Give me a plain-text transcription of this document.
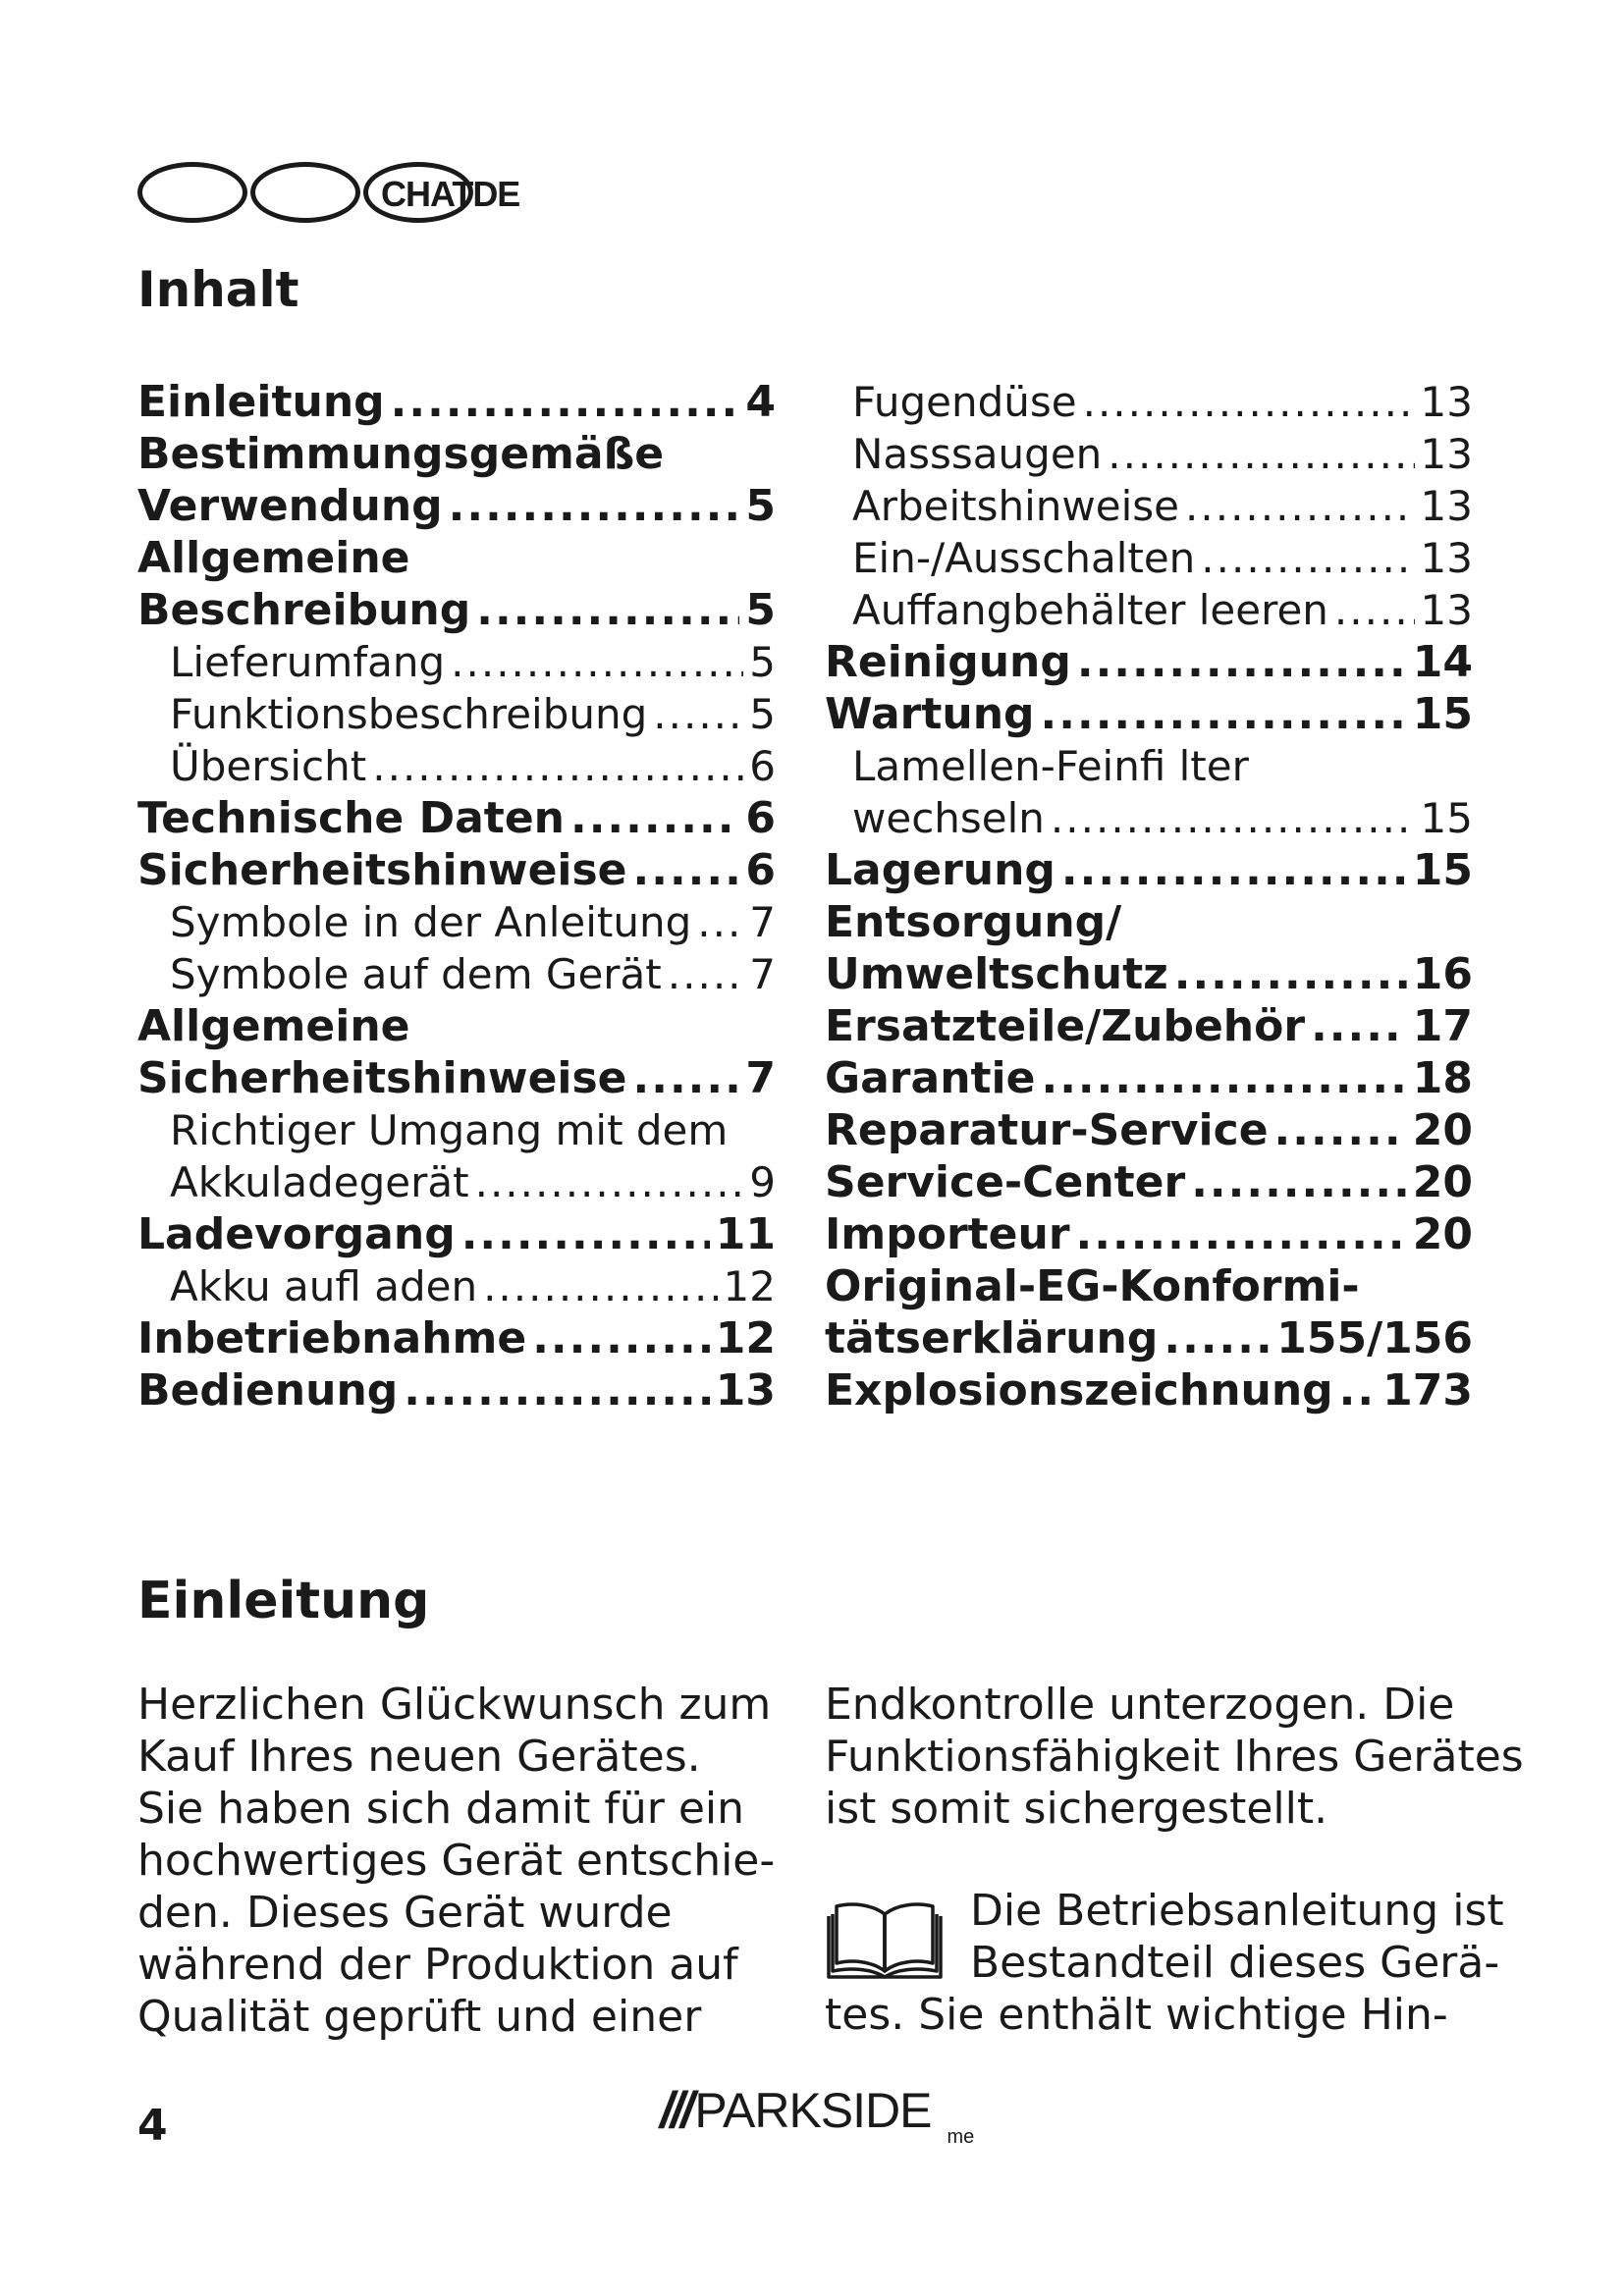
CHATDE
Inhalt
Einleitung .....	4
Bestimmungsgemäße
Verwendung .....	5
Allgemeine
Beschreibung .....	5
Lieferumfang .....	5
Funktionsbeschreibung ..... 5
Übersicht .....	6
Technische Daten .....	6
Sicherheitshinweise .....	6
Symbole in der Anleitung ..... 7
Symbole auf dem Gerät ..... 7
Allgemeine
Sicherheitshinweise .....	7
Richtiger Umgang mit dem
Akkuladegerät .....	9
Ladevorgang .....	11
Akku aufl aden .....	12
Inbetriebnahme .....	12
Bedienung .....	13
Fugendüse .....	13
Nasssaugen .....	13
Arbeitshinweise .....	13
Ein-/Ausschalten .....	13
Auffangbehälter leeren ..... 13
Reinigung .....	14
Wartung .....	15
Lamellen-Feinfi lter
wechseln .....	15
Lagerung .....	15
Entsorgung/
Umweltschutz .....	16
Ersatzteile/Zubehör ..... 17
Garantie .....	18
Reparatur-Service .....	20
Service-Center .....	20
Importeur .....	20
Original-EG-Konformi-
tätserklärung .....	155/156
Explosionszeichnung ..... 173
Einleitung
Herzlichen Glückwunsch zum
Kauf Ihres neuen Gerätes.
Sie haben sich damit für ein
hochwertiges Gerät entschie-
den. Dieses Gerät wurde
während der Produktion auf
Qualität geprüft und einer
Endkontrolle unterzogen. Die
Funktionsfähigkeit Ihres Gerätes
ist somit sichergestellt.
Die Betriebsanleitung ist
Bestandteil dieses Gerä-
tes. Sie enthält wichtige Hin-
4	///PARKSIDE me
